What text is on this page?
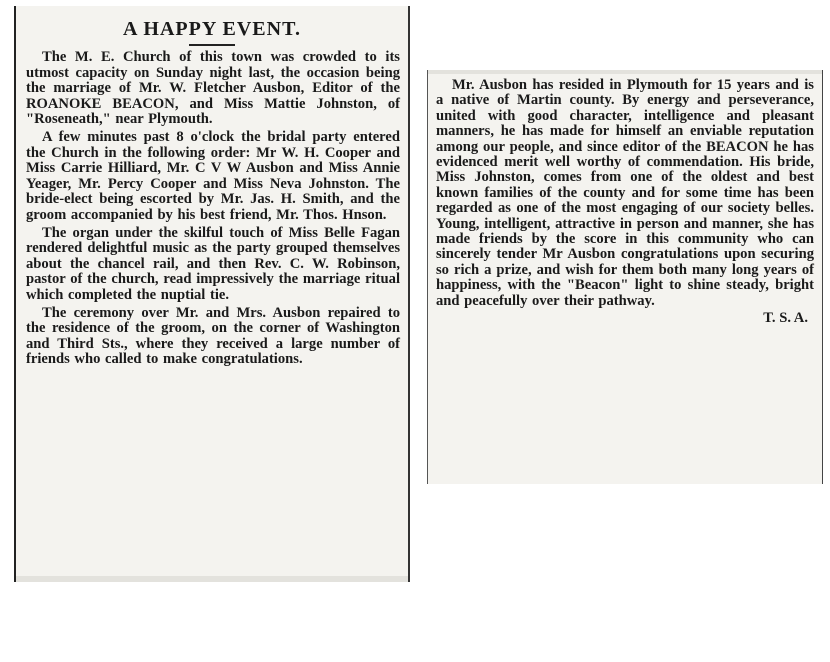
A HAPPY EVENT.

The M. E. Church of this town was crowded to its utmost capacity on Sunday night last, the occasion being the marriage of Mr. W. Fletcher Ausbon, Editor of the ROANOKE BEACON, and Miss Mattie Johnston, of "Roseneath," near Plymouth.

A few minutes past 8 o'clock the bridal party entered the Church in the following order: Mr W. H. Cooper and Miss Carrie Hilliard, Mr. C V W Ausbon and Miss Annie Yeager, Mr. Percy Cooper and Miss Neva Johnston. The bride-elect being escorted by Mr. Jas. H. Smith, and the groom accompanied by his best friend, Mr. Thos. Hnson.

The organ under the skilful touch of Miss Belle Fagan rendered delightful music as the party grouped themselves about the chancel rail, and then Rev. C. W. Robinson, pastor of the church, read impressively the marriage ritual which completed the nuptial tie.

The ceremony over Mr. and Mrs. Ausbon repaired to the residence of the groom, on the corner of Washington and Third Sts., where they received a large number of friends who called to make congratulations.

Mr. Ausbon has resided in Plymouth for 15 years and is a native of Martin county. By energy and perseverance, united with good character, intelligence and pleasant manners, he has made for himself an enviable reputation among our people, and since editor of the BEACON he has evidenced merit well worthy of commendation. His bride, Miss Johnston, comes from one of the oldest and best known families of the county and for some time has been regarded as one of the most engaging of our society belles. Young, intelligent, attractive in person and manner, she has made friends by the score in this community who can sincerely tender Mr Ausbon congratulations upon securing so rich a prize, and wish for them both many long years of happiness, with the "Beacon" light to shine steady, bright and peacefully over their pathway.

T. S. A.
